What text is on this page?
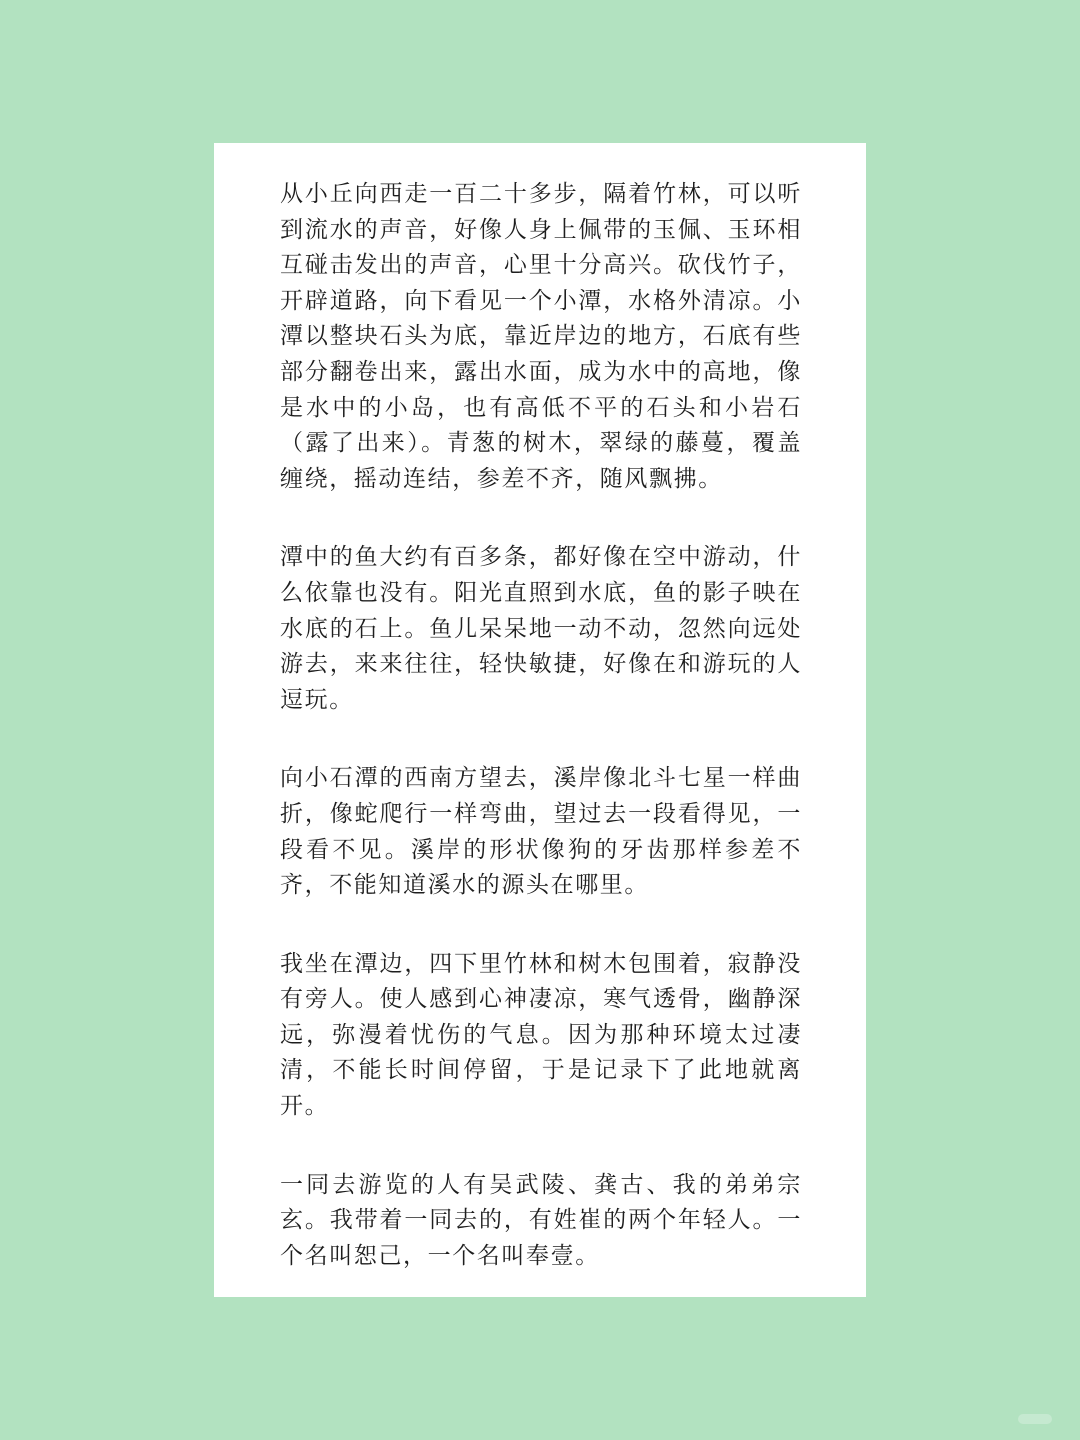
从小丘向西走一百二十多步，隔着竹林，可以听到流水的声音，好像人身上佩带的玉佩、玉环相互碰击发出的声音，心里十分高兴。砍伐竹子，开辟道路，向下看见一个小潭，水格外清凉。小潭以整块石头为底，靠近岸边的地方，石底有些部分翻卷出来，露出水面，成为水中的高地，像是水中的小岛，也有高低不平的石头和小岩石（露了出来）。青葱的树木，翠绿的藤蔓，覆盖缠绕，摇动连结，参差不齐，随风飘拂。

潭中的鱼大约有百多条，都好像在空中游动，什么依靠也没有。阳光直照到水底，鱼的影子映在水底的石上。鱼儿呆呆地一动不动，忽然向远处游去，来来往往，轻快敏捷，好像在和游玩的人逗玩。

向小石潭的西南方望去，溪岸像北斗七星一样曲折，像蛇爬行一样弯曲，望过去一段看得见，一段看不见。溪岸的形状像狗的牙齿那样参差不齐，不能知道溪水的源头在哪里。

我坐在潭边，四下里竹林和树木包围着，寂静没有旁人。使人感到心神凄凉，寒气透骨，幽静深远，弥漫着忧伤的气息。因为那种环境太过凄清，不能长时间停留，于是记录下了此地就离开。

一同去游览的人有吴武陵、龚古、我的弟弟宗玄。我带着一同去的，有姓崔的两个年轻人。一个名叫恕己，一个名叫奉壹。
